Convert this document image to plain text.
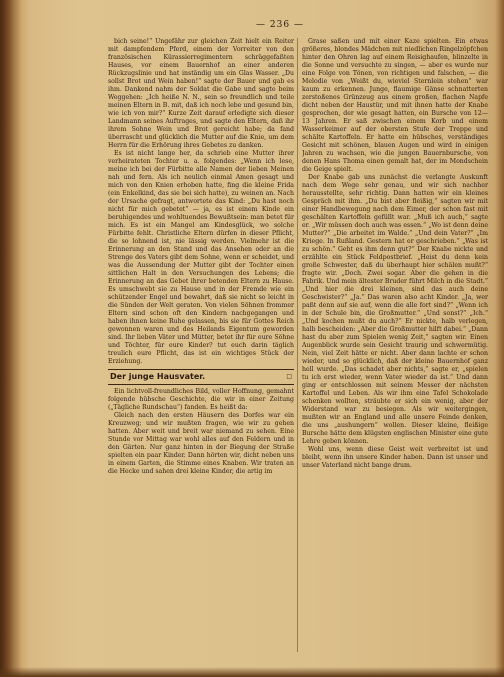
— 236 —

bich seine!“ Ungefähr zur gleichen Zeit hielt ein Reiter mit dampfendem Pferd, einem der Vorreiter von den französischen Kürassierregimentern schräggefaßten Hauses, vor einem Bauernhof an einer anderen Rückzugslinie und hat inständig um ein Glas Wasser. „Du sollst Brot und Wein haben!“ sagte der Bauer und gab es ihm. Dankend nahm der Soldat die Gabe und sagte beim Weggehen: „Ich heiße N. N., sein so freundlich und teile meinen Eltern in B. mit, daß ich noch lebe und gesund bin, wie ich von mir?“ Kurze Zeit darauf erledigte sich dieser Landmann seines Auftrages, und sagte den Eltern, daß ihr ihrem Sohne Wein und Brot gereicht habe; da fand überrascht und glücklich die Mutter auf die Knie, um dem Herrn für die Erhörung ihres Gebetes zu danken.

Es ist nicht lange her, da schrieb eine Mutter ihrer verheirateten Tochter u. a. folgendes: „Wenn ich lese, meine ich bei der Fürbitte alle Namen der lieben Meinen nah und fern. Als ich neulich einmal Amen gesagt und mich von den Knien erhoben hatte, fing die kleine Frida (ein Enkelkind, das sie bei sich hatte), zu weinen an. Nach der Ursache gefragt, antwortete das Kind: „Du hast noch nicht für mich gebetet“ — ja, es ist einem Kinde ein beruhigendes und wohltuendes Bewußtsein: man betet für mich. Es ist ein Mangel am Kindesglück, wo solche Fürbitte fehlt. Christliche Eltern dürfen in dieser Pflicht, die so lohnend ist, nie lässig werden. Vielmehr ist die Erinnerung an den Stand und das Ansehen oder an die Strenge des Vaters gibt dem Sohne, wenn er scheidet, und was die Aussendung der Mutter gibt der Tochter einen sittlichen Halt in den Versuchungen des Lebens; die Erinnerung an das Gebet ihrer betenden Eltern zu Hause. Es umschwebt sie zu Hause und in der Fremde wie ein schützender Engel und bewahrt, daß sie nicht so leicht in die Sünden der Welt geraten. Von vielen Söhnen frommer Eltern sind schon oft den Kindern nachgegangen und haben ihnen keine Ruhe gelassen, bis sie für Gottes Reich gewonnen waren und des Heilands Eigentum geworden sind. Ihr lieben Väter und Mütter, betet ihr für eure Söhne und Töchter, für eure Kinder? tut euch darin täglich treulich eure Pflicht, das ist ein wichtiges Stück der Erziehung.

Der junge Hausvater.	□

Ein lichtvoll-freundliches Bild, voller Hoffnung, gemahnt folgende hübsche Geschichte, die wir in einer Zeitung („Tägliche Rundschau“) fanden. Es heißt da:

Gleich nach den ersten Häusern des Dorfes war ein Kreuzweg; und wir mußten fragen, wie wir zu gehen hatten. Aber weit und breit war niemand zu sehen. Eine Stunde vor Mittag war wohl alles auf den Feldern und in den Gärten. Nur ganz hinten in der Biegung der Straße spielten ein paar Kinder. Dann hörten wir, dicht neben uns in einem Garten, die Stimme eines Knaben. Wir traten an die Hecke und sahen drei kleine Kinder, die artig im

Grase saßen und mit einer Kaze spielten. Ein etwas größeres, blondes Mädchen mit niedlichen Ringelzöpfchen hinter den Ohren lag auf einem Reisighaufen, blinzelte in die Sonne und versuchte zu singen, — aber es wurde nur eine Folge von Tönen, von richtigen und falschen, — die Melodie von „Weißt du, wieviel Sternlein stehen“ war kaum zu erkennen. Junge, flaumige Gänse schnatterten zerstoßenes Grünzeug aus einem großen, flachen Napfe dicht neben der Haustür, und mit ihnen hatte der Knabe gesprochen, der wie gesagt hatten, ein Bursche von 12—13 Jahren. Er saß zwischen einem Korb und einem Wasserkeimer auf der obersten Stufe der Treppe und schälte Kartoffeln. Er hatte ein hübsches, verständiges Gesicht mit schönen, blauen Augen und wird in einigen Jahren zu wachsen, wie die jungen Bauernbursche, von denen Hans Thoma einen gemalt hat, der im Mondschein die Geige spielt.

Der Knabe gab uns zunächst die verlangte Auskunft nach dem Wege sehr genau, und wir sich nachher herausstellte, sehr richtig. Dann hatten wir ein kleines Gespräch mit ihm. „Du bist aber fleißig,“ sagten wir mit einer Handbewegung nach dem Eimer, der schon fast mit geschälten Kartoffeln gefüllt war. „Muß ich auch,“ sagte er. „Wir müssen doch auch was essen.“ „Wo ist denn deine Mutter?“ „Die arbeitet im Walde.“ „Und dein Vater?“ „Im Kriege. In Rußland. Gestern hat er geschrieben.“ „Was ist zu schön.“ Geht es ihm denn gut?“ Der Knabe nickte und erzählte ein Stück Feldpostbrief. „Heist du denn kein große Schwester, daß du überhaupt hier schälen mußt?“ fragte wir. „Doch. Zwei sogar. Aber die gehen in die Fabrik. Und mein ältester Bruder führt Milch in die Stadt.“ „Und hier die drei kleinen, sind das auch deine Geschwister?“ „Ja.“ Das waren also acht Kinder. „Ja, wer paßt denn auf sie auf, wenn die alle fort sind?“ „Wenn ich in der Schule bin, die Großmutter.“ „Und sonst?“ „Ich.“ „Und kochen mußt du auch?“ Er nickte, halb verlegen, halb bescheiden: „Aber die Großmutter hilft dabei.“ „Dann hast du aber zum Spielen wenig Zeit,“ sagten wir. Einen Augenblick wurde sein Gesicht traurig und schwermütig. Nein, viel Zeit hätte er nicht. Aber dann lachte er schon wieder, und so glücklich, daß der kleine Bauernhof ganz hell wurde. „Das schadet aber nichts,“ sagte er, „spielen tu ich erst wieder, wenn Vater wieder da ist.“ Und dann ging er entschlossen mit seinem Messer der nächsten Kartoffel und Leben. Als wir ihm eine Tafel Schokolade schenken wollten, sträubte er sich ein wenig, aber der Widerstand war zu besiegen. Als wir weitergingen, mußten wir an England und alle unsere Feinde denken, die uns „aushungern“ wollen. Dieser kleine, fleißige Bursche hätte dem klügsten englischen Minister eine gute Lehre geben können.

Wohl uns, wenn diese Geist weit verbreitet ist und bleibt, wenn ihn unsere Kinder haben. Dann ist unser und unser Vaterland nicht bange drum.
